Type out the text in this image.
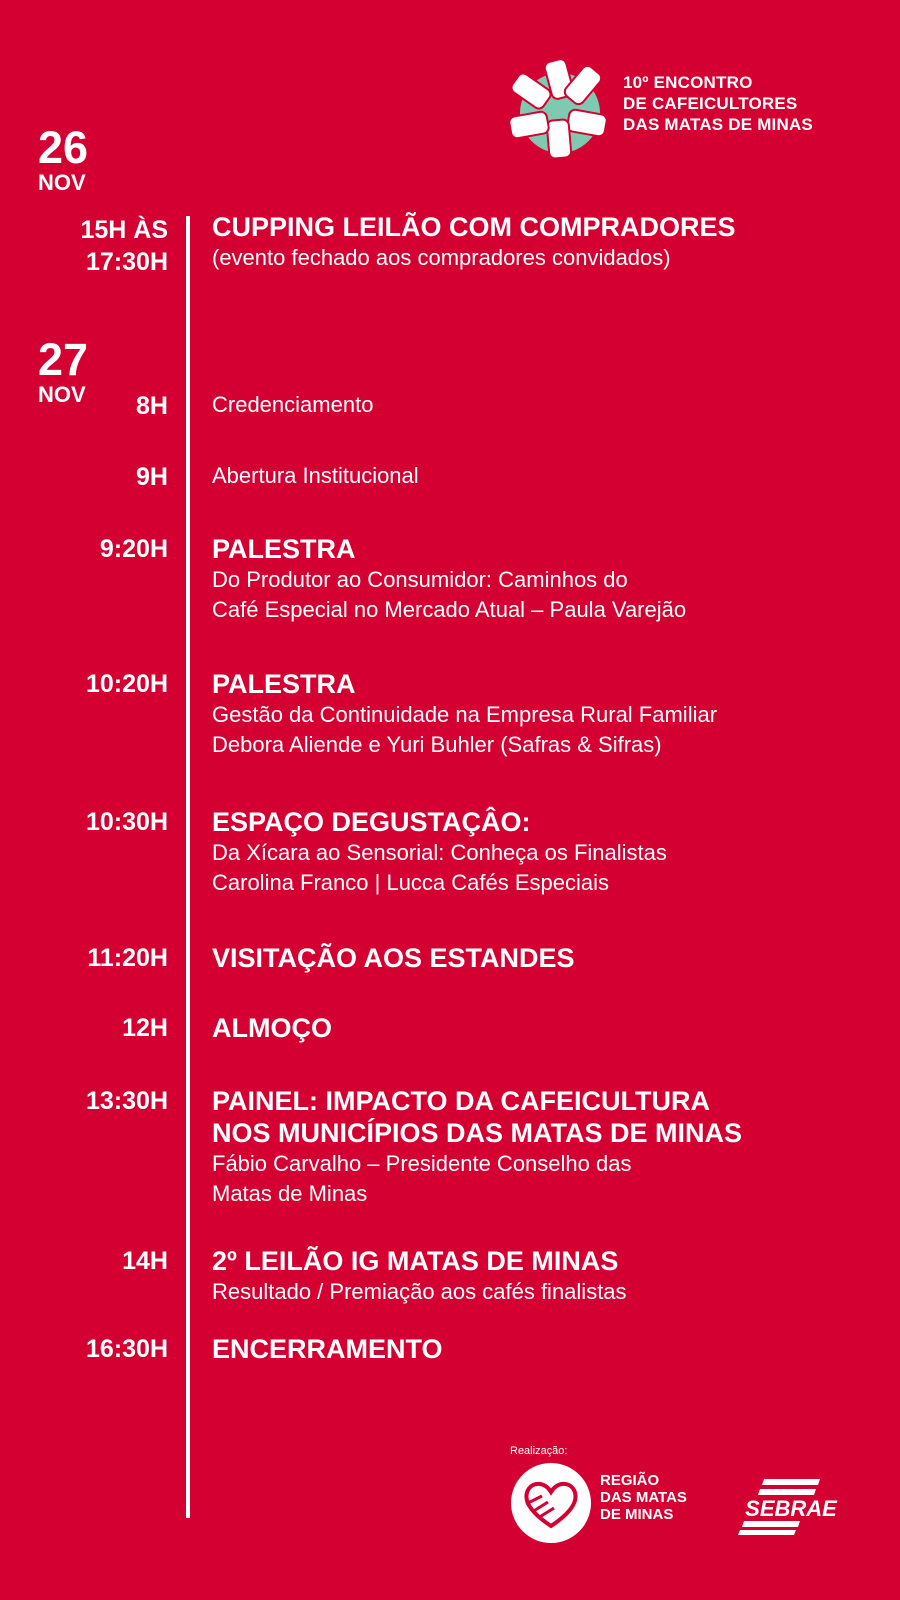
10º ENCONTRO
DE CAFEICULTORES
DAS MATAS DE MINAS
26
NOV
27
NOV
15H ÀS
17:30H
CUPPING LEILÃO COM COMPRADORES
(evento fechado aos compradores convidados)
8H Credenciamento
9H Abertura Institucional
9:20H PALESTRA
Do Produtor ao Consumidor: Caminhos do
Café Especial no Mercado Atual – Paula Varejão
10:20H PALESTRA
Gestão da Continuidade na Empresa Rural Familiar
Debora Aliende e Yuri Buhler (Safras & Sifras)
10:30H ESPAÇO DEGUSTAÇÂO:
Da Xícara ao Sensorial: Conheça os Finalistas
Carolina Franco | Lucca Cafés Especiais
11:20H VISITAÇÃO AOS ESTANDES
12H ALMOÇO
13:30H PAINEL: IMPACTO DA CAFEICULTURA
NOS MUNICÍPIOS DAS MATAS DE MINAS
Fábio Carvalho – Presidente Conselho das
Matas de Minas
14H 2º LEILÃO IG MATAS DE MINAS
Resultado / Premiação aos cafés finalistas
16:30H ENCERRAMENTO
Realização:
REGIÃO
DAS MATAS
DE MINAS	SEBRAE
